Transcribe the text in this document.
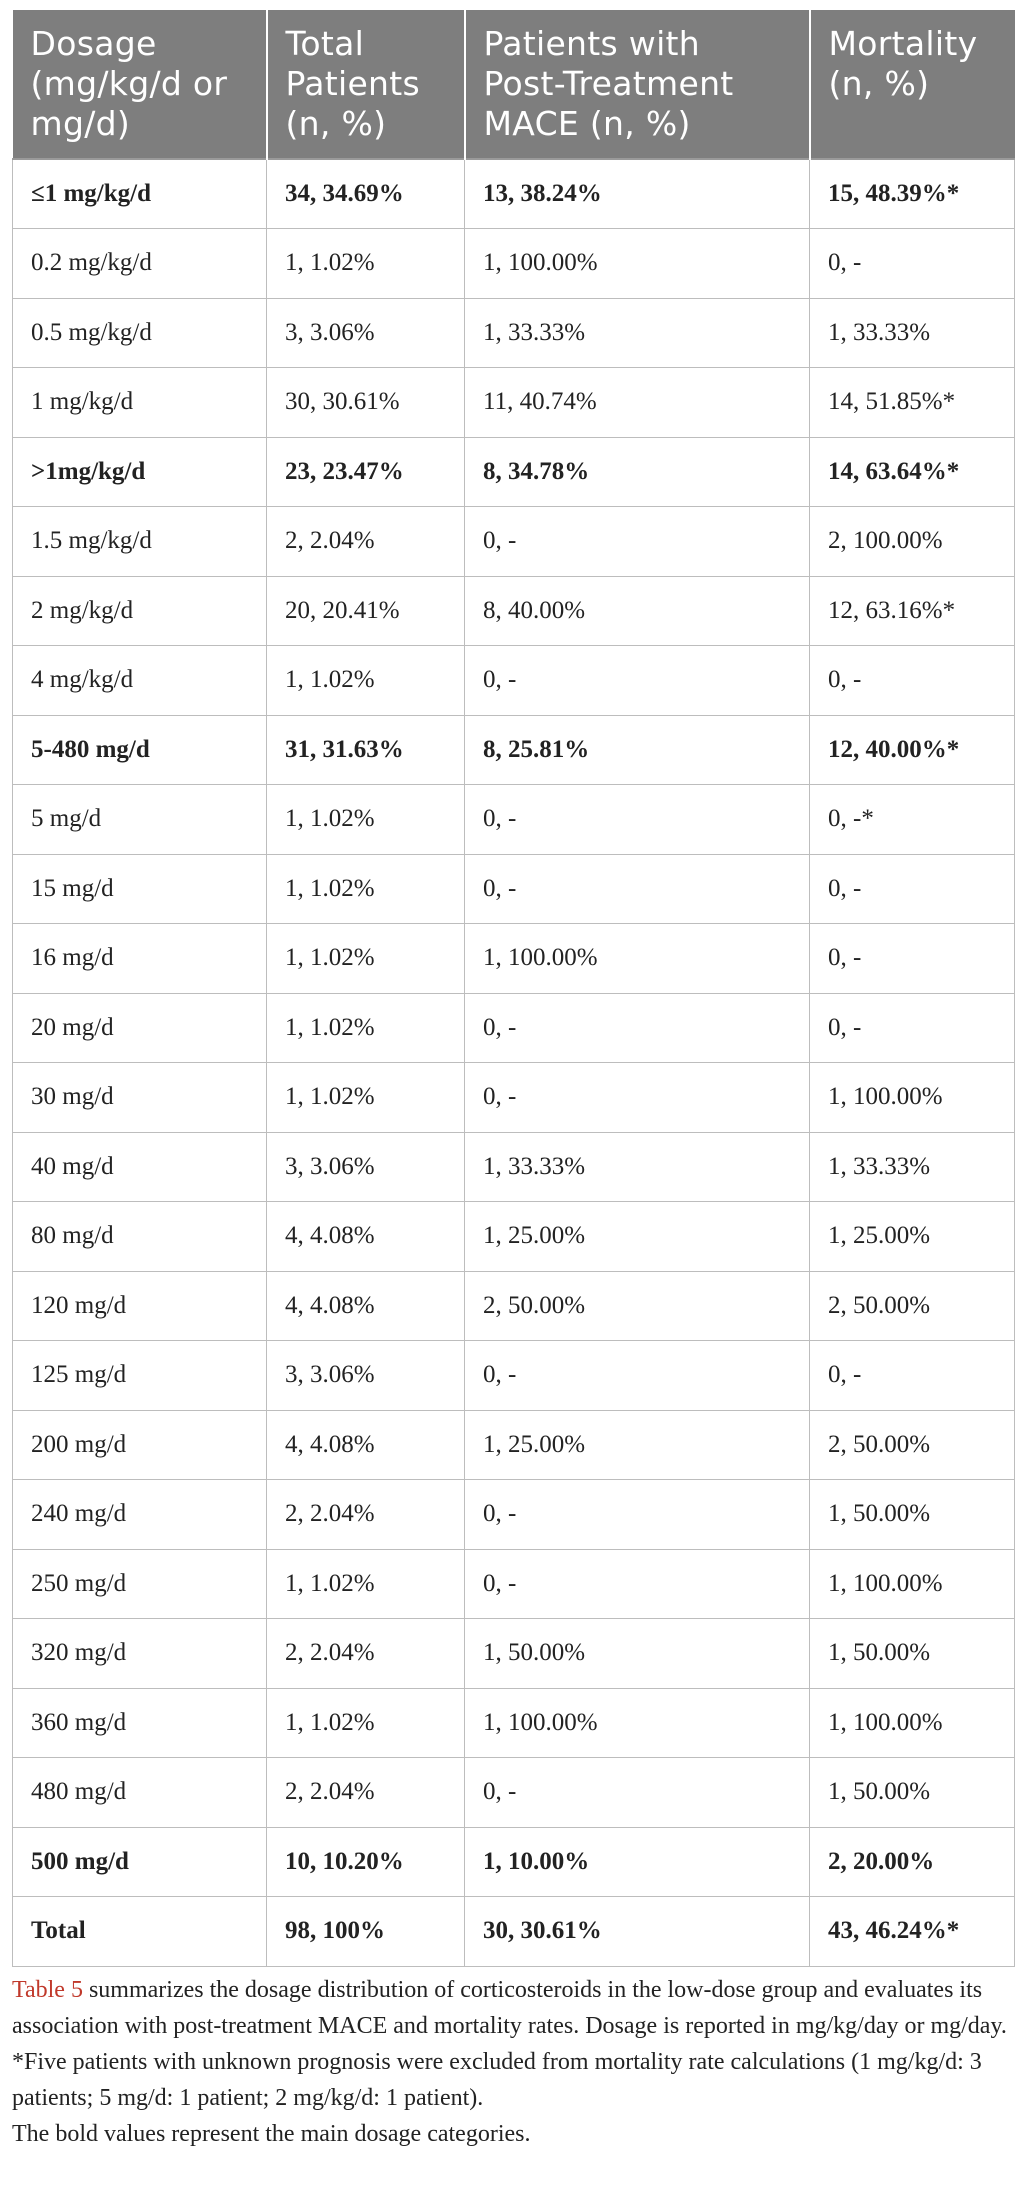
Dosage (mg/kg/d or mg/d)	Total Patients (n, %)	Patients with Post-Treatment MACE (n, %)	Mortality (n, %)
≤1 mg/kg/d	34, 34.69%	13, 38.24%	15, 48.39%*
0.2 mg/kg/d	1, 1.02%	1, 100.00%	0, -
0.5 mg/kg/d	3, 3.06%	1, 33.33%	1, 33.33%
1 mg/kg/d	30, 30.61%	11, 40.74%	14, 51.85%*
>1mg/kg/d	23, 23.47%	8, 34.78%	14, 63.64%*
1.5 mg/kg/d	2, 2.04%	0, -	2, 100.00%
2 mg/kg/d	20, 20.41%	8, 40.00%	12, 63.16%*
4 mg/kg/d	1, 1.02%	0, -	0, -
5-480 mg/d	31, 31.63%	8, 25.81%	12, 40.00%*
5 mg/d	1, 1.02%	0, -	0, -*
15 mg/d	1, 1.02%	0, -	0, -
16 mg/d	1, 1.02%	1, 100.00%	0, -
20 mg/d	1, 1.02%	0, -	0, -
30 mg/d	1, 1.02%	0, -	1, 100.00%
40 mg/d	3, 3.06%	1, 33.33%	1, 33.33%
80 mg/d	4, 4.08%	1, 25.00%	1, 25.00%
120 mg/d	4, 4.08%	2, 50.00%	2, 50.00%
125 mg/d	3, 3.06%	0, -	0, -
200 mg/d	4, 4.08%	1, 25.00%	2, 50.00%
240 mg/d	2, 2.04%	0, -	1, 50.00%
250 mg/d	1, 1.02%	0, -	1, 100.00%
320 mg/d	2, 2.04%	1, 50.00%	1, 50.00%
360 mg/d	1, 1.02%	1, 100.00%	1, 100.00%
480 mg/d	2, 2.04%	0, -	1, 50.00%
500 mg/d	10, 10.20%	1, 10.00%	2, 20.00%
Total	98, 100%	30, 30.61%	43, 46.24%*

Table 5 summarizes the dosage distribution of corticosteroids in the low-dose group and evaluates its association with post-treatment MACE and mortality rates. Dosage is reported in mg/kg/day or mg/day.

*Five patients with unknown prognosis were excluded from mortality rate calculations (1 mg/kg/d: 3 patients; 5 mg/d: 1 patient; 2 mg/kg/d: 1 patient).

The bold values represent the main dosage categories.
